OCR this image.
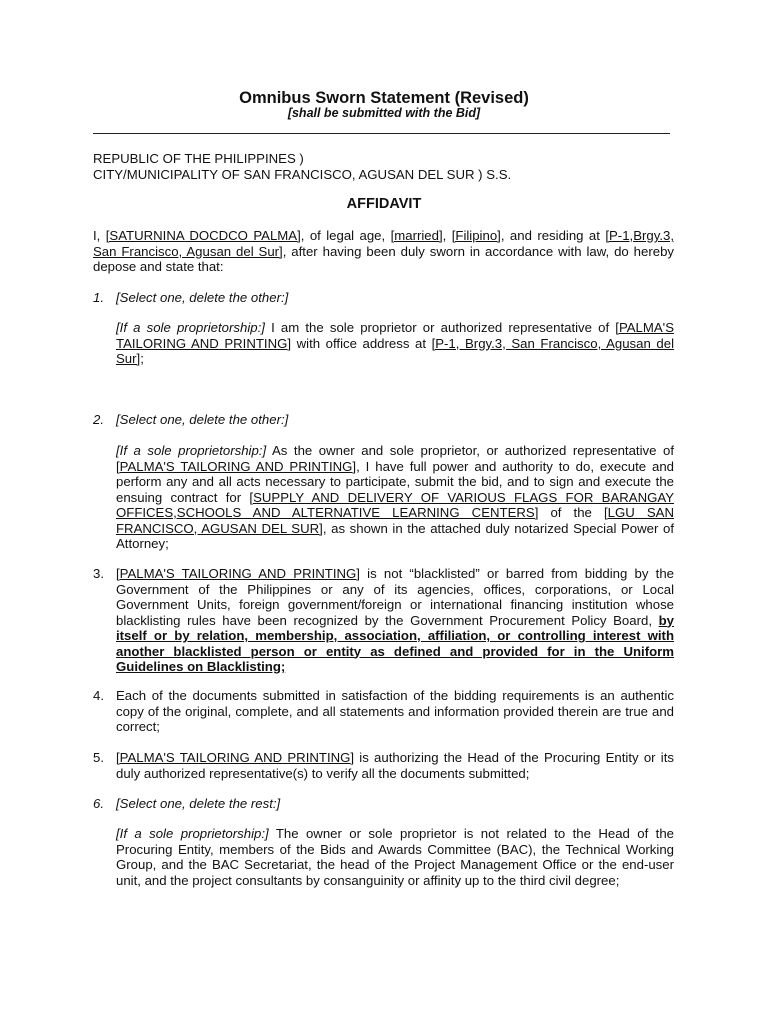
Omnibus Sworn Statement (Revised)
[shall be submitted with the Bid]
REPUBLIC OF THE PHILIPPINES )
CITY/MUNICIPALITY OF SAN FRANCISCO, AGUSAN DEL SUR ) S.S.
AFFIDAVIT
I, [SATURNINA DOCDCO PALMA], of legal age, [married], [Filipino], and residing at [P-1,Brgy.3, San Francisco, Agusan del Sur], after having been duly sworn in accordance with law, do hereby depose and state that:
1. [Select one, delete the other:]
[If a sole proprietorship:] I am the sole proprietor or authorized representative of [PALMA'S TAILORING AND PRINTING] with office address at [P-1, Brgy.3, San Francisco, Agusan del Sur];
2. [Select one, delete the other:]
[If a sole proprietorship:] As the owner and sole proprietor, or authorized representative of [PALMA'S TAILORING AND PRINTING], I have full power and authority to do, execute and perform any and all acts necessary to participate, submit the bid, and to sign and execute the ensuing contract for [SUPPLY AND DELIVERY OF VARIOUS FLAGS FOR BARANGAY OFFICES,SCHOOLS AND ALTERNATIVE LEARNING CENTERS] of the [LGU SAN FRANCISCO, AGUSAN DEL SUR], as shown in the attached duly notarized Special Power of Attorney;
3. [PALMA'S TAILORING AND PRINTING] is not “blacklisted” or barred from bidding by the Government of the Philippines or any of its agencies, offices, corporations, or Local Government Units, foreign government/foreign or international financing institution whose blacklisting rules have been recognized by the Government Procurement Policy Board, by itself or by relation, membership, association, affiliation, or controlling interest with another blacklisted person or entity as defined and provided for in the Uniform Guidelines on Blacklisting;
4. Each of the documents submitted in satisfaction of the bidding requirements is an authentic copy of the original, complete, and all statements and information provided therein are true and correct;
5. [PALMA'S TAILORING AND PRINTING] is authorizing the Head of the Procuring Entity or its duly authorized representative(s) to verify all the documents submitted;
6. [Select one, delete the rest:]
[If a sole proprietorship:] The owner or sole proprietor is not related to the Head of the Procuring Entity, members of the Bids and Awards Committee (BAC), the Technical Working Group, and the BAC Secretariat, the head of the Project Management Office or the end-user unit, and the project consultants by consanguinity or affinity up to the third civil degree;
